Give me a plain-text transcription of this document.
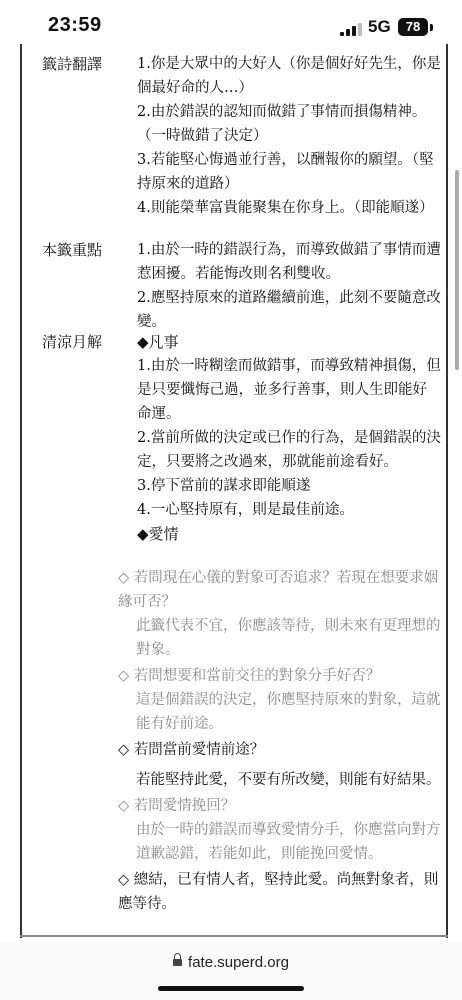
23:59	5G	78
籤詩翻譯	1.你是大眾中的大好人（你是個好好先生，你是個最好命的人…）

2.由於錯誤的認知而做錯了事情而損傷精神。（一時做錯了決定）

3.若能堅心悔過並行善，以酬報你的願望。（堅持原來的道路）

4.則能榮華富貴能聚集在你身上。（即能順遂）

本籤重點	1.由於一時的錯誤行為，而導致做錯了事情而遭惹困擾。若能悔改則名利雙收。

2.應堅持原來的道路繼續前進，此刻不要隨意改變。

清涼月解	◆凡事

1.由於一時糊塗而做錯事，而導致精神損傷，但是只要懺悔己過，並多行善事，則人生即能好命運。

2.當前所做的決定或已作的行為，是個錯誤的決定，只要將之改過來，那就能前途看好。

3.停下當前的謀求即能順遂

4.一心堅持原有，則是最佳前途。

◆愛情

◇ 若問現在心儀的對象可否追求？若現在想要求姻緣可否？

此籤代表不宜，你應該等待，則未來有更理想的對象。

◇ 若問想要和當前交往的對象分手好否？

這是個錯誤的決定，你應堅持原來的對象，這就能有好前途。

◇ 若問當前愛情前途？

若能堅持此愛，不要有所改變，則能有好結果。

◇ 若問愛情挽回？

由於一時的錯誤而導致愛情分手，你應當向對方道歉認錯，若能如此，則能挽回愛情。

◇ 總結，已有情人者，堅持此愛。尚無對象者，則應等待。

fate.superd.org
